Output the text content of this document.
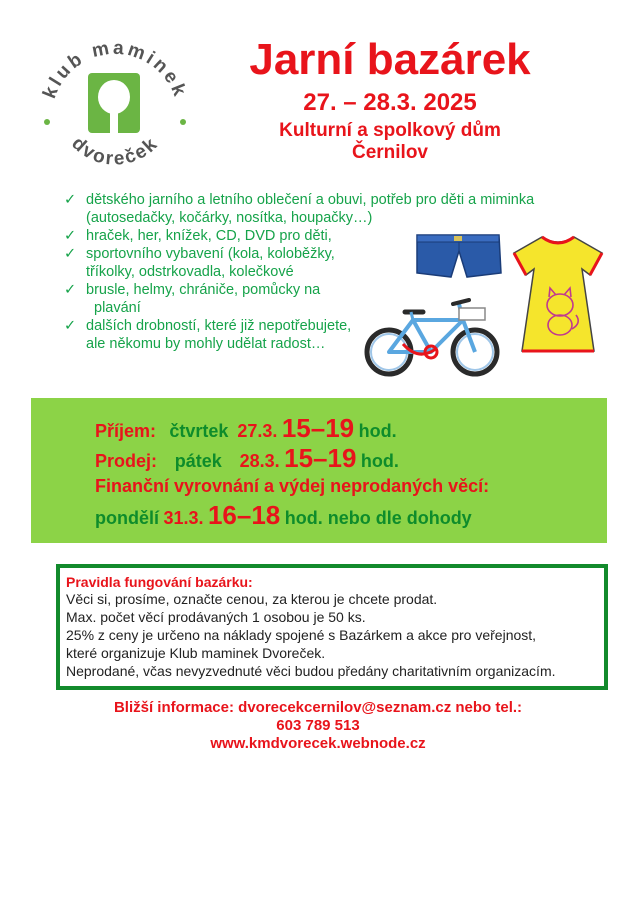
klub maminek
dvoreček
Jarní bazárek
27. – 28.3. 2025
Kulturní a spolkový dům
Černilov
✓ dětského jarního a letního oblečení a obuvi, potřeb pro děti a miminka
(autosedačky, kočárky, nosítka, houpačky…)
✓ hraček, her, knížek, CD, DVD pro děti,
✓ sportovního vybavení (kola, koloběžky,
tříkolky, odstrkovadla, kolečkové
✓ brusle, helmy, chrániče, pomůcky na
plavání
✓ dalších drobností, které již nepotřebujete,
ale někomu by mohly udělat radost…
Příjem: čtvrtek 27.3. 15–19 hod.
Prodej: pátek 28.3. 15–19 hod.
Finanční vyrovnání a výdej neprodaných věcí:
pondělí 31.3. 16–18 hod. nebo dle dohody
Pravidla fungování bazárku:
Věci si, prosíme, označte cenou, za kterou je chcete prodat.
Max. počet věcí prodávaných 1 osobou je 50 ks.
25% z ceny je určeno na náklady spojené s Bazárkem a akce pro veřejnost,
které organizuje Klub maminek Dvoreček.
Neprodané, včas nevyzvednuté věci budou předány charitativním organizacím.
Bližší informace: dvorecekcernilov@seznam.cz nebo tel.:
603 789 513
www.kmdvorecek.webnode.cz
